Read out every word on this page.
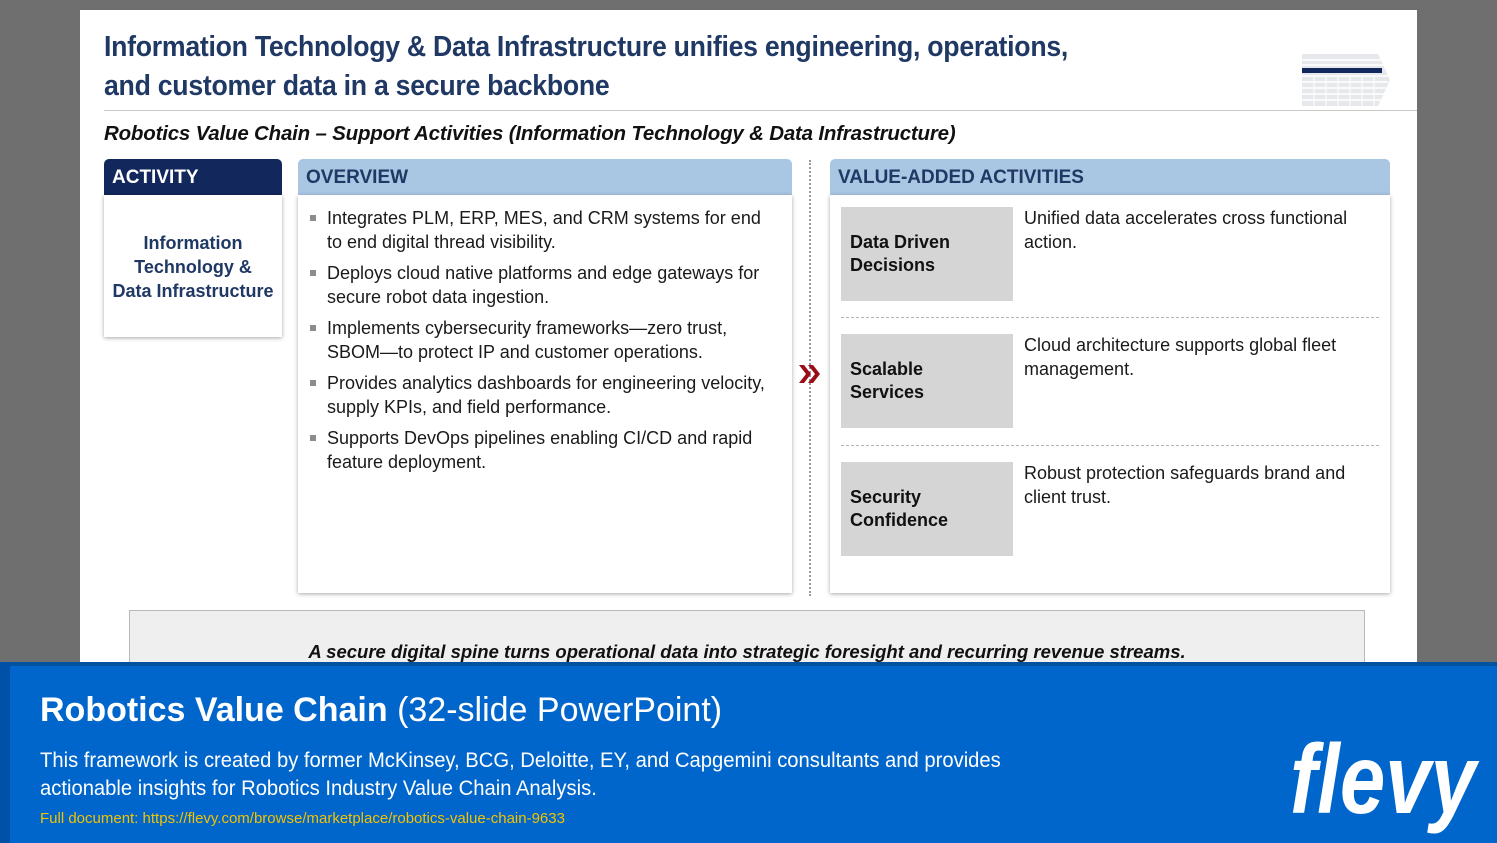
Information Technology & Data Infrastructure unifies engineering, operations,
and customer data in a secure backbone
Robotics Value Chain – Support Activities (Information Technology & Data Infrastructure)
ACTIVITY
Information
Technology &
Data Infrastructure
OVERVIEW
Integrates PLM, ERP, MES, and CRM systems for end to end digital thread visibility.
Deploys cloud native platforms and edge gateways for secure robot data ingestion.
Implements cybersecurity frameworks—zero trust, SBOM—to protect IP and customer operations.
Provides analytics dashboards for engineering velocity, supply KPIs, and field performance.
Supports DevOps pipelines enabling CI/CD and rapid feature deployment.
VALUE-ADDED ACTIVITIES
Data Driven
Decisions
Unified data accelerates cross functional action.
Scalable
Services
Cloud architecture supports global fleet management.
Security
Confidence
Robust protection safeguards brand and client trust.
A secure digital spine turns operational data into strategic foresight and recurring revenue streams.
Robotics Value Chain (32-slide PowerPoint)
This framework is created by former McKinsey, BCG, Deloitte, EY, and Capgemini consultants and provides actionable insights for Robotics Industry Value Chain Analysis.
Full document: https://flevy.com/browse/marketplace/robotics-value-chain-9633	flevy
